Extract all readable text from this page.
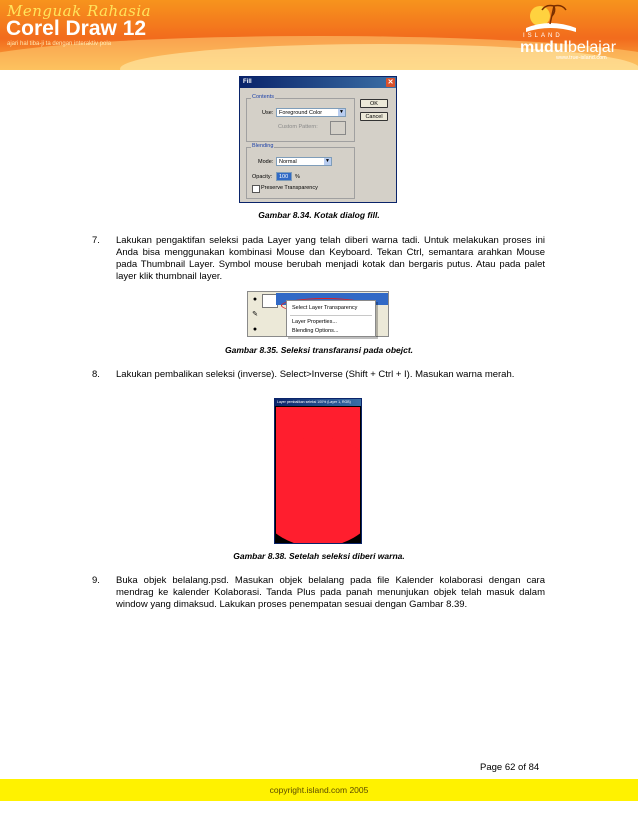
Menguak Rahasia
Corel Draw 12
ajari hal tiba-ji ta dengan interaktiv pola
ISLAND
mudulbelajar
www.true-island.com
Fill	✕
Contents
Use:	Foreground Color	▼
Custom Pattern:
OK
Cancel
Blending
Mode:	Normal	▼
Opacity:	100	%
Preserve Transparency
Gambar 8.34. Kotak dialog fill.
7. Lakukan pengaktifan seleksi pada Layer yang telah diberi warna tadi. Untuk melakukan proses ini Anda bisa menggunakan kombinasi Mouse dan Keyboard. Tekan Ctrl, semantara arahkan Mouse pada Thumbnail Layer. Symbol mouse berubah menjadi kotak dan bergaris putus. Atau pada palet layer klik thumbnail layer.
●
✎
●
Select Layer Transparency
Layer Properties...
Blending Options...
Gambar 8.35. Seleksi transfaransi pada obejct.
8. Lakukan pembalikan seleksi (inverse). Select>Inverse (Shift + Ctrl + I). Masukan warna merah.
Layer pembalikan seleksi 100% (Layer 1, RGB)
Gambar 8.38. Setelah seleksi diberi warna.
9. Buka objek belalang.psd. Masukan objek belalang pada file Kalender kolaborasi dengan cara mendrag ke kalender Kolaborasi. Tanda Plus pada panah menunjukan objek telah masuk dalam window yang dimaksud. Lakukan proses penempatan sesuai dengan Gambar 8.39.
Page 62 of 84
copyright.island.com 2005
